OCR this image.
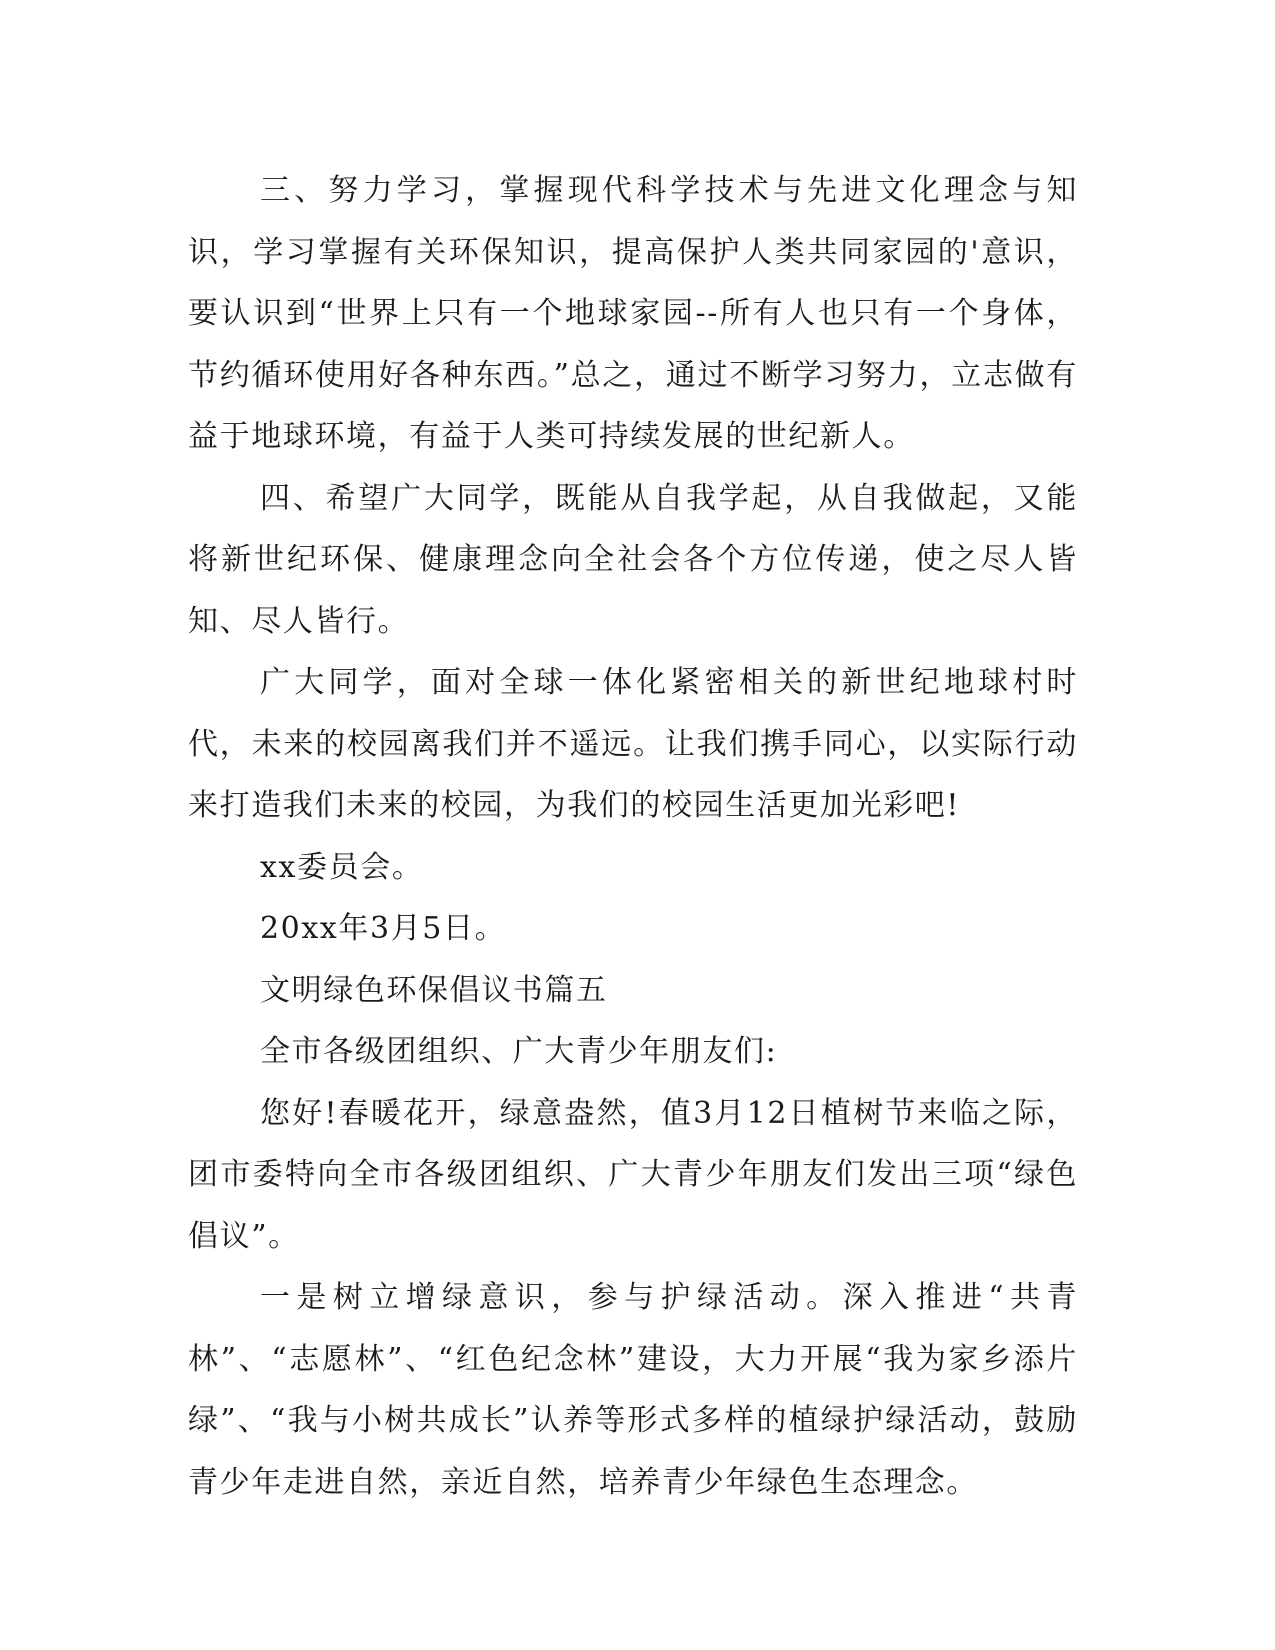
三、努力学习，掌握现代科学技术与先进文化理念与知识，学习掌握有关环保知识，提高保护人类共同家园的'意识，要认识到“世界上只有一个地球家园--所有人也只有一个身体，节约循环使用好各种东西。”总之，通过不断学习努力，立志做有益于地球环境，有益于人类可持续发展的世纪新人。

四、希望广大同学，既能从自我学起，从自我做起，又能将新世纪环保、健康理念向全社会各个方位传递，使之尽人皆知、尽人皆行。

广大同学，面对全球一体化紧密相关的新世纪地球村时代，未来的校园离我们并不遥远。让我们携手同心，以实际行动来打造我们未来的校园，为我们的校园生活更加光彩吧!

xx委员会。

20xx年3月5日。

文明绿色环保倡议书篇五

全市各级团组织、广大青少年朋友们:

您好!春暖花开，绿意盎然，值3月12日植树节来临之际，团市委特向全市各级团组织、广大青少年朋友们发出三项“绿色倡议”。

一是树立增绿意识，参与护绿活动。深入推进“共青林”、“志愿林”、“红色纪念林”建设，大力开展“我为家乡添片绿”、“我与小树共成长”认养等形式多样的植绿护绿活动，鼓励青少年走进自然，亲近自然，培养青少年绿色生态理念。
